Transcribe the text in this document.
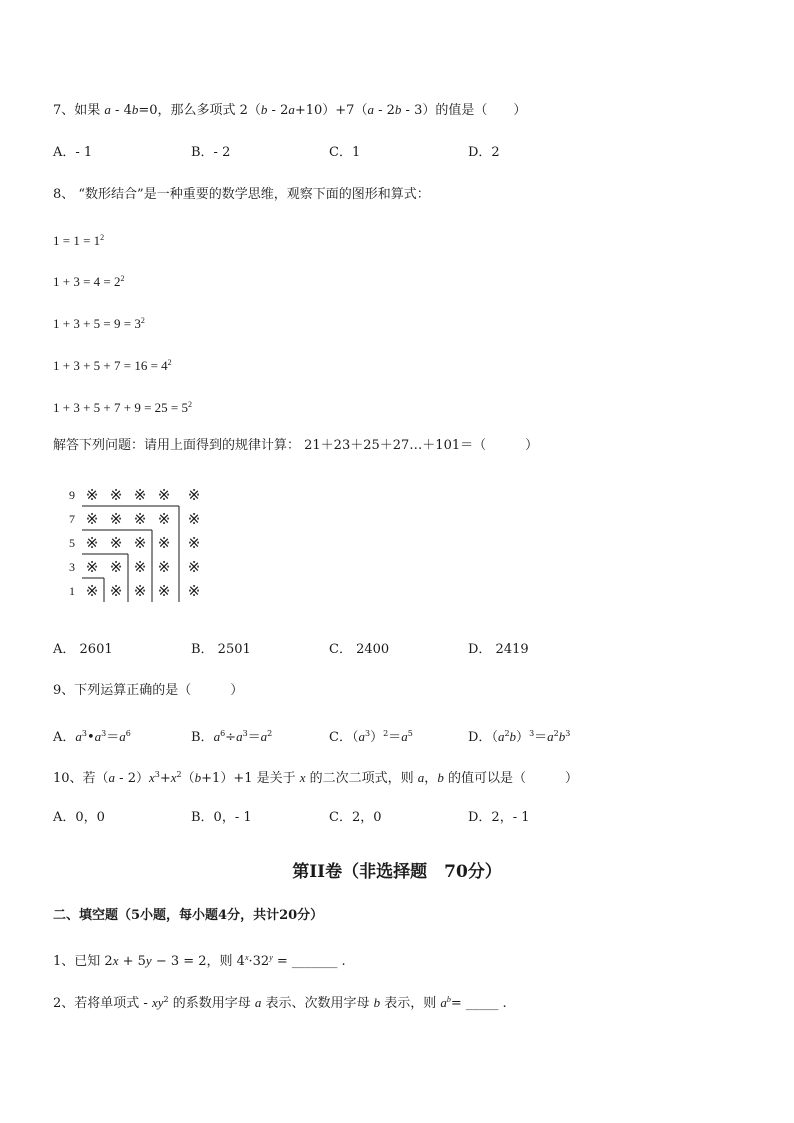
7、如果 a - 4b=0，那么多项式 2（b - 2a+10）+7（a - 2b - 3）的值是（　　）
A．- 1	B．- 2	C．1	D．2
8、 “数形结合”是一种重要的数学思维，观察下面的图形和算式：
$1 = 1 = 1^2$
$1 + 3 = 4 = 2^2$
$1 + 3 + 5 = 9 = 3^2$
$1 + 3 + 5 + 7 = 16 = 4^2$
$1 + 3 + 5 + 7 + 9 = 25 = 5^2$
解答下列问题：请用上面得到的规律计算： 21＋23＋25＋27…＋101＝（　　　）
9 ※ ※ ※ ※ ※
7 ※ ※ ※ ※ ※
5 ※ ※ ※ ※ ※
3 ※ ※ ※ ※ ※
1 ※ ※ ※ ※ ※
A． 2601	B． 2501	C． 2400	D． 2419
9、下列运算正确的是（　　　）
A．$a^3•a^3=a^6$	B．$a^6\div a^3=a^2$	C．$(a^3)^2=a^5$	D．$(a^2b)^3=a^2b^3$
10、若$(a - 2)x^3+x^2(b+1)+1$ 是关于 x 的二次二项式，则 a，b 的值可以是（　　　）
A．0，0	B．0，- 1	C．2，0	D．2，- 1
第II卷（非选择题　70分）
二、填空题（5小题，每小题4分，共计20分）
1、已知 2x + 5y − 3 = 2，则 $4^x\cdot 32^y$ = _______ .
2、若将单项式 - $xy^2$ 的系数用字母 a 表示、次数用字母 b 表示，则 $a^b=$ _____ .
